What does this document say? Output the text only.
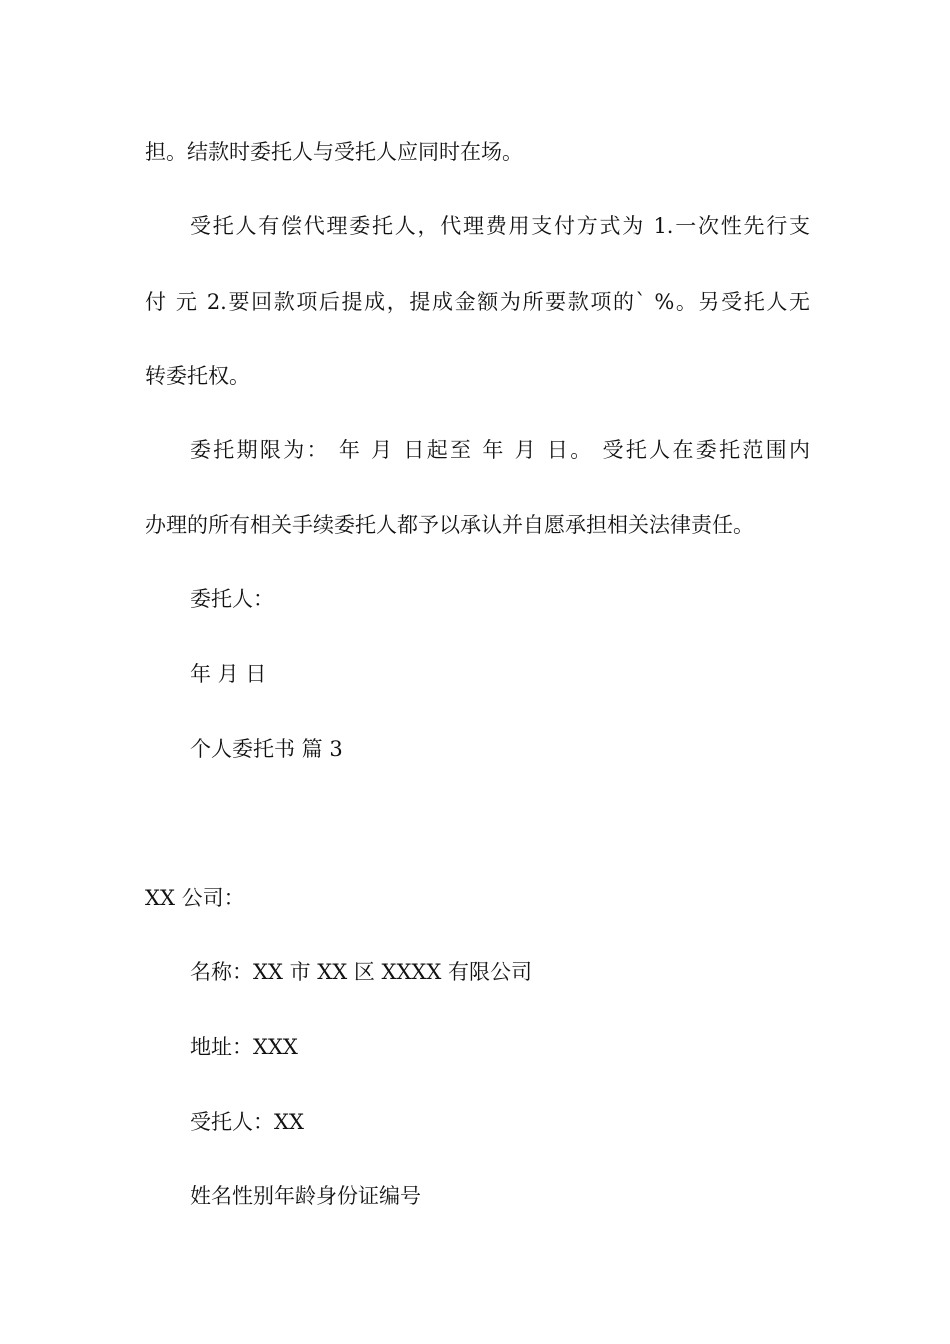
担。结款时委托人与受托人应同时在场。
受托人有偿代理委托人，代理费用支付方式为 1.一次性先行支
付 元 2.要回款项后提成，提成金额为所要款项的` %。另受托人无
转委托权。
委托期限为： 年 月 日起至 年 月 日。 受托人在委托范围内
办理的所有相关手续委托人都予以承认并自愿承担相关法律责任。
委托人：
年 月 日
个人委托书 篇 3
XX 公司：
名称：XX 市 XX 区 XXXX 有限公司
地址：XXX
受托人：XX
姓名性别年龄身份证编号
